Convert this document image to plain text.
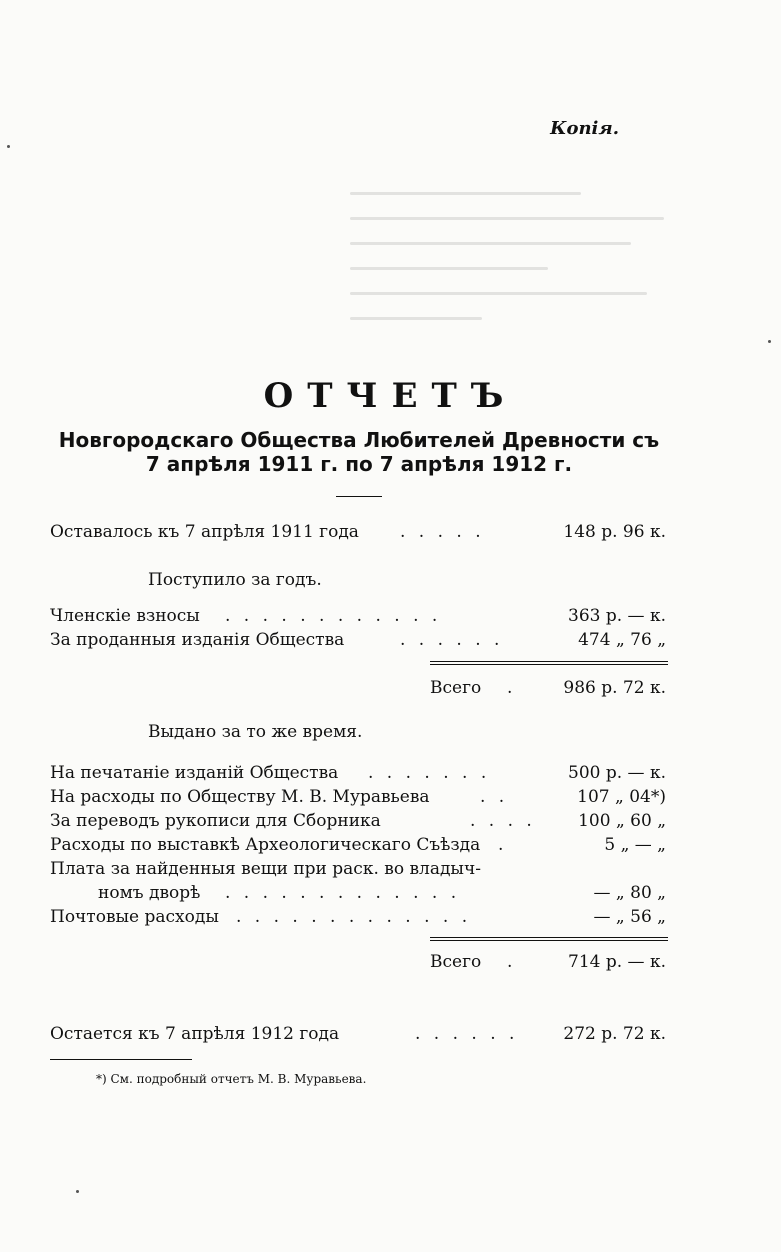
Копія.
ОТЧЕТЪ
Новгородскаго Общества Любителей Древности съ
7 апрѣля 1911 г. по 7 апрѣля 1912 г.
Оставалось къ 7 апрѣля 1911 года . . . . .	148 р. 96 к.
Поступило за годъ.
Членскіе взносы . . . . . . . . . . . .	363 р. — к.
За проданныя изданія Общества	. . . . . .	474 „ 76 „
Всего .	986 р. 72 к.
Выдано за то же время.
На печатаніе изданій Общества . . . . . . .	500 р. — к.
На расходы по Обществу М. В. Муравьева	. .	107 „ 04*)
За переводъ рукописи для Сборника	. . . . 100 „ 60 „
Расходы по выставкѣ Археологическаго Съѣзда .	5 „ — „
Плата за найденныя вещи при раск. во владыч-
номъ дворѣ . . . . . . . . . . . . .	— „ 80 „
Почтовые расходы . . . . . . . . . . . . .	— „ 56 „
Всего .	714 р. — к.
Остается къ 7 апрѣля 1912 года	. . . . . .	272 р. 72 к.
*) См. подробный отчетъ М. В. Муравьева.
